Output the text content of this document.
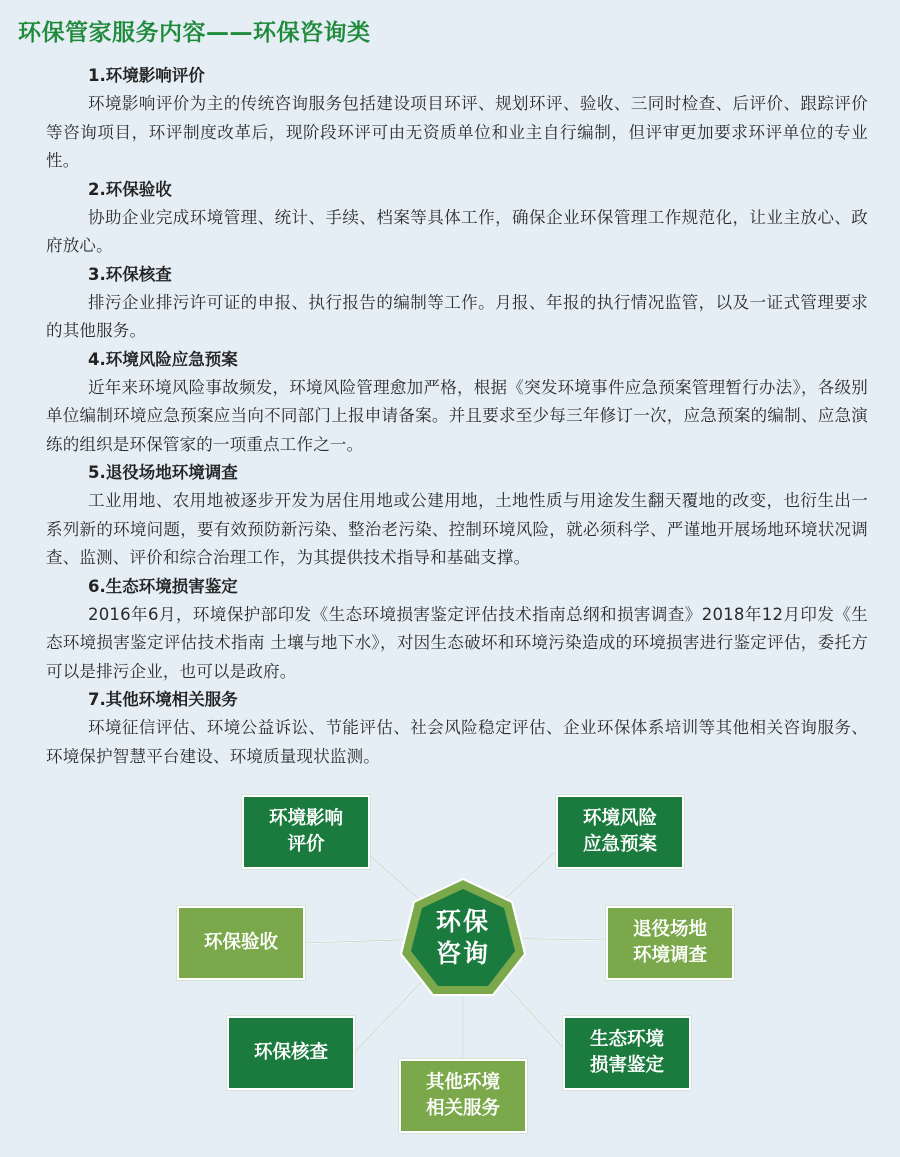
环保管家服务内容——环保咨询类

1.环境影响评价

环境影响评价为主的传统咨询服务包括建设项目环评、规划环评、验收、三同时检查、后评价、跟踪评价等咨询项目，环评制度改革后，现阶段环评可由无资质单位和业主自行编制，但评审更加要求环评单位的专业性。

2.环保验收

协助企业完成环境管理、统计、手续、档案等具体工作，确保企业环保管理工作规范化，让业主放心、政府放心。

3.环保核查

排污企业排污许可证的申报、执行报告的编制等工作。月报、年报的执行情况监管，以及一证式管理要求的其他服务。

4.环境风险应急预案

近年来环境风险事故频发，环境风险管理愈加严格，根据《突发环境事件应急预案管理暂行办法》，各级别单位编制环境应急预案应当向不同部门上报申请备案。并且要求至少每三年修订一次，应急预案的编制、应急演练的组织是环保管家的一项重点工作之一。

5.退役场地环境调查

工业用地、农用地被逐步开发为居住用地或公建用地，土地性质与用途发生翻天覆地的改变，也衍生出一系列新的环境问题，要有效预防新污染、整治老污染、控制环境风险，就必须科学、严谨地开展场地环境状况调查、监测、评价和综合治理工作，为其提供技术指导和基础支撑。

6.生态环境损害鉴定

2016年6月，环境保护部印发《生态环境损害鉴定评估技术指南总纲和损害调查》2018年12月印发《生态环境损害鉴定评估技术指南 土壤与地下水》，对因生态破坏和环境污染造成的环境损害进行鉴定评估，委托方可以是排污企业，也可以是政府。

7.其他环境相关服务

环境征信评估、环境公益诉讼、节能评估、社会风险稳定评估、企业环保体系培训等其他相关咨询服务、环境保护智慧平台建设、环境质量现状监测。

环境影响
评价
环境风险
应急预案
环保验收
退役场地
环境调查
环保核查
生态环境
损害鉴定
其他环境
相关服务
环保
咨询
